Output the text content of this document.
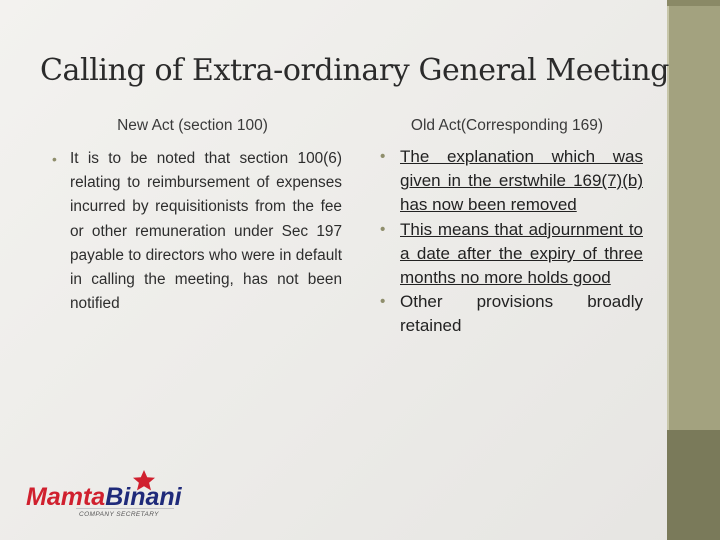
Calling of Extra-ordinary General Meeting
New Act (section 100)	Old Act(Corresponding 169)
• It is to be noted that section 100(6) relating to reimbursement of expenses incurred by requisitionists from the fee or other remuneration under Sec 197 payable to directors who were in default in calling the meeting, has not been notified
• The explanation which was given in the erstwhile 169(7)(b) has now been removed
• This means that adjournment to a date after the expiry of three months no more holds good
• Other provisions broadly retained
MamtaBinani
COMPANY SECRETARY
